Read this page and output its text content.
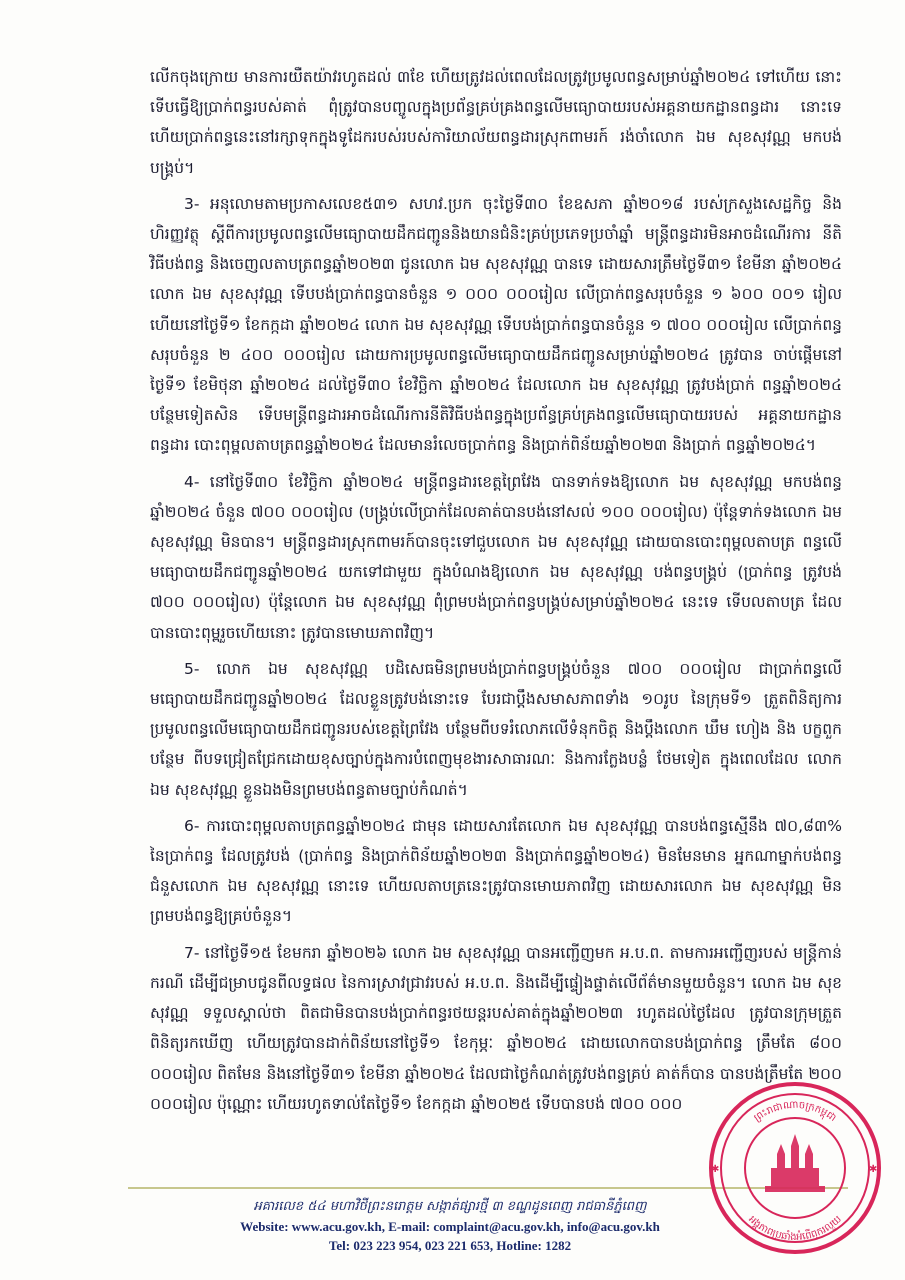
លើកចុងក្រោយ មានការយឺតយ៉ាវរហូតដល់ ៣ខែ ហើយត្រូវដល់ពេលដែលត្រូវប្រមូលពន្ធសម្រាប់ឆ្នាំ២០២៤ ទៅហើយ នោះ ទើបធ្វើឱ្យប្រាក់ពន្ធរបស់គាត់ ពុំត្រូវបានបញ្ចូលក្នុងប្រព័ន្ធគ្រប់គ្រងពន្ធលើមធ្យោបាយរបស់អគ្គនាយកដ្ឋានពន្ធដារ នោះទេ ហើយប្រាក់ពន្ធនេះនៅរក្សាទុកក្នុងទូដែករបស់របស់ការិយាល័យពន្ធដារស្រុកពាមរក៍ រង់ចាំលោក ឯម សុខសុវណ្ណ មកបង់បង្គ្រប់។

3- អនុលោមតាមប្រកាសលេខ៥៣១ សហវ.ប្រក ចុះថ្ងៃទី៣០ ខែឧសភា ឆ្នាំ២០១៨ របស់ក្រសួងសេដ្ឋកិច្ច និង ហិរញ្ញវត្ថុ ស្តីពីការប្រមូលពន្ធលើមធ្យោបាយដឹកជញ្ជូននិងយានជំនិះគ្រប់ប្រភេទប្រចាំឆ្នាំ មន្ត្រីពន្ធដារមិនអាចដំណើរការ នីតិវិធីបង់ពន្ធ និងចេញលតាបត្រពន្ធឆ្នាំ២០២៣ ជូនលោក ឯម សុខសុវណ្ណ បានទេ ដោយសារត្រឹមថ្ងៃទី៣១ ខែមីនា ឆ្នាំ២០២៤ លោក ឯម សុខសុវណ្ណ ទើបបង់ប្រាក់ពន្ធបានចំនួន ១ ០០០ ០០០រៀល លើប្រាក់ពន្ធសរុបចំនួន ១ ៦០០ ០០១ រៀល ហើយនៅថ្ងៃទី១ ខែកក្កដា ឆ្នាំ២០២៤ លោក ឯម សុខសុវណ្ណ ទើបបង់ប្រាក់ពន្ធបានចំនួន ១ ៧០០ ០០០រៀល លើប្រាក់ពន្ធសរុបចំនួន ២ ៤០០ ០០០រៀល ដោយការប្រមូលពន្ធលើមធ្យោបាយដឹកជញ្ជូនសម្រាប់ឆ្នាំ២០២៤ ត្រូវបាន ចាប់ផ្តើមនៅថ្ងៃទី១ ខែមិថុនា ឆ្នាំ២០២៤ ដល់ថ្ងៃទី៣០ ខែវិច្ឆិកា ឆ្នាំ២០២៤ ដែលលោក ឯម សុខសុវណ្ណ ត្រូវបង់ប្រាក់ ពន្ធឆ្នាំ២០២៤ បន្ថែមទៀតសិន ទើបមន្ត្រីពន្ធដារអាចដំណើរការនីតិវិធីបង់ពន្ធក្នុងប្រព័ន្ធគ្រប់គ្រងពន្ធលើមធ្យោបាយរបស់ អគ្គនាយកដ្ឋានពន្ធដារ បោះពុម្ពលតាបត្រពន្ធឆ្នាំ២០២៤ ដែលមានរំលេចប្រាក់ពន្ធ និងប្រាក់ពិន័យឆ្នាំ២០២៣ និងប្រាក់ ពន្ធឆ្នាំ២០២៤។

4- នៅថ្ងៃទី៣០ ខែវិច្ឆិកា ឆ្នាំ២០២៤ មន្ត្រីពន្ធដារខេត្តព្រៃវែង បានទាក់ទងឱ្យលោក ឯម សុខសុវណ្ណ មកបង់ពន្ធ ឆ្នាំ២០២៤ ចំនួន ៧០០ ០០០រៀល (បង្គ្រប់លើប្រាក់ដែលគាត់បានបង់នៅសល់ ១០០ ០០០រៀល) ប៉ុន្តែទាក់ទងលោក ឯម សុខសុវណ្ណ មិនបាន។ មន្ត្រីពន្ធដារស្រុកពាមរក៍បានចុះទៅជួបលោក ឯម សុខសុវណ្ណ ដោយបានបោះពុម្ពលតាបត្រ ពន្ធលើមធ្យោបាយដឹកជញ្ជូនឆ្នាំ២០២៤ យកទៅជាមួយ ក្នុងបំណងឱ្យលោក ឯម សុខសុវណ្ណ បង់ពន្ធបង្គ្រប់ (ប្រាក់ពន្ធ ត្រូវបង់ ៧០០ ០០០រៀល) ប៉ុន្តែលោក ឯម សុខសុវណ្ណ ពុំព្រមបង់ប្រាក់ពន្ធបង្គ្រប់សម្រាប់ឆ្នាំ២០២៤ នេះទេ ទើបលតាបត្រ ដែលបានបោះពុម្ពរួចហើយនោះ ត្រូវបានមោឃភាពវិញ។

5- លោក ឯម សុខសុវណ្ណ បដិសេធមិនព្រមបង់ប្រាក់ពន្ធបង្គ្រប់ចំនួន ៧០០ ០០០រៀល ជាប្រាក់ពន្ធលើ មធ្យោបាយដឹកជញ្ជូនឆ្នាំ២០២៤ ដែលខ្លួនត្រូវបង់នោះទេ បែរជាប្តឹងសមាសភាពទាំង ១០រូប នៃក្រុមទី១ ត្រួតពិនិត្យការ ប្រមូលពន្ធលើមធ្យោបាយដឹកជញ្ជូនរបស់ខេត្តព្រៃវែង បន្ថែមពីបទរំលោភលើទំនុកចិត្ត និងប្តឹងលោក ឃឹម ហៀង និង បក្ខពួកបន្ថែម ពីបទជ្រៀតជ្រែកដោយខុសច្បាប់ក្នុងការបំពេញមុខងារសាធារណៈ និងការក្លែងបន្លំ ថែមទៀត ក្នុងពេលដែល លោក ឯម សុខសុវណ្ណ ខ្លួនឯងមិនព្រមបង់ពន្ធតាមច្បាប់កំណត់។

6- ការបោះពុម្ពលតាបត្រពន្ធឆ្នាំ២០២៤ ជាមុន ដោយសារតែលោក ឯម សុខសុវណ្ណ បានបង់ពន្ធស្មើនឹង ៧០,៨៣% នៃប្រាក់ពន្ធ ដែលត្រូវបង់ (ប្រាក់ពន្ធ និងប្រាក់ពិន័យឆ្នាំ២០២៣ និងប្រាក់ពន្ធឆ្នាំ២០២៤) មិនមែនមាន អ្នកណាម្នាក់បង់ពន្ធជំនួសលោក ឯម សុខសុវណ្ណ នោះទេ ហើយលតាបត្រនេះត្រូវបានមោឃភាពវិញ ដោយសារលោក ឯម សុខសុវណ្ណ មិនព្រមបង់ពន្ធឱ្យគ្រប់ចំនួន។

7- នៅថ្ងៃទី១៥ ខែមករា ឆ្នាំ២០២៦ លោក ឯម សុខសុវណ្ណ បានអញ្ជើញមក អ.ប.ព. តាមការអញ្ជើញរបស់ មន្ត្រីកាន់ករណី ដើម្បីជម្រាបជូនពីលទ្ធផល នៃការស្រាវជ្រាវរបស់ អ.ប.ព. និងដើម្បីផ្ទៀងផ្ទាត់លើព័ត៌មានមួយចំនួន។ លោក ឯម សុខសុវណ្ណ ទទួលស្គាល់ថា ពិតជាមិនបានបង់ប្រាក់ពន្ធរថយន្តរបស់គាត់ក្នុងឆ្នាំ២០២៣ រហូតដល់ថ្ងៃដែល ត្រូវបានក្រុមត្រួតពិនិត្យរកឃើញ ហើយត្រូវបានដាក់ពិន័យនៅថ្ងៃទី១ ខែកុម្ភៈ ឆ្នាំ២០២៤ ដោយលោកបានបង់ប្រាក់ពន្ធ ត្រឹមតែ ៨០០ ០០០រៀល ពិតមែន និងនៅថ្ងៃទី៣១ ខែមីនា ឆ្នាំ២០២៤ ដែលជាថ្ងៃកំណត់ត្រូវបង់ពន្ធគ្រប់ គាត់ក៏បាន បានបង់ត្រឹមតែ ២០០ ០០០រៀល ប៉ុណ្ណោះ ហើយរហូតទាល់តែថ្ងៃទី១ ខែកក្កដា ឆ្នាំ២០២៥ ទើបបានបង់ ៧០០ ០០០

អគារលេខ ៥៤ មហាវិថីព្រះនរោត្តម សង្កាត់ផ្សារថ្មី ៣ ខណ្ឌដូនពេញ រាជធានីភ្នំពេញ
Website: www.acu.gov.kh, E-mail: complaint@acu.gov.kh, info@acu.gov.kh
Tel: 023 223 954, 023 221 653, Hotline: 1282
✱	✱
ព្រះរាជាណាចក្រកម្ពុជា
អង្គភាពប្រឆាំងអំពើពុករលួយ
